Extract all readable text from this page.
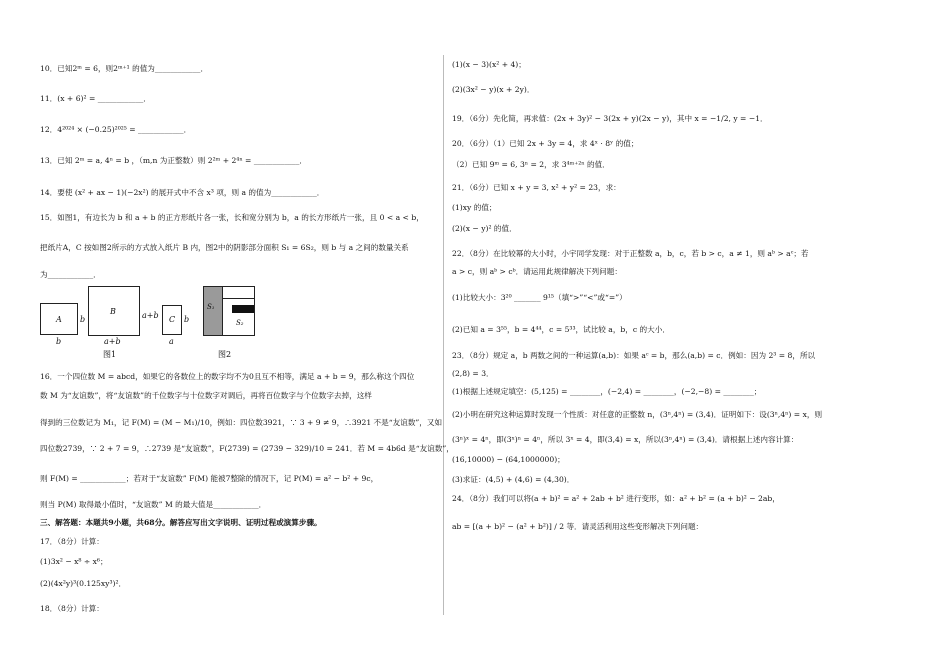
10．已知2ᵐ = 6，则2ᵐ⁺¹ 的值为____________．
11．(x + 6)² = ____________．
12．4²⁰²⁴ × (−0.25)²⁰²⁵ = ____________．
13．已知 2ᵐ = a, 4ⁿ = b ，（m,n 为正整数）则 2²ᵐ + 2⁴ⁿ = ____________．
14．要使 (x² + ax − 1)(−2x²) 的展开式中不含 x³ 项，则 a 的值为____________．
15．如图1，有边长为 b 和 a + b 的正方形纸片各一张，长和宽分别为 b，a 的长方形纸片一张，且 0 < a < b，
把纸片A，C 按如图2所示的方式放入纸片 B 内，图2中的阴影部分面积 S₁ = 6S₂，则 b 与 a 之间的数量关系
为____________．
A
b
b
B	a+b
a+b
C b
a
S₁
S₂
图1	图2
16．一个四位数 M = abcd，如果它的各数位上的数字均不为0且互不相等，满足 a + b = 9，那么称这个四位
数 M 为“友谊数”，将“友谊数”的千位数字与十位数字对调后，再将百位数字与个位数字去掉，这样
得到的三位数记为 M₁，记 F(M) = (M − M₁)/10，例如：四位数3921，∵ 3 + 9 ≠ 9，∴3921 不是“友谊数”，又如
四位数2739，∵ 2 + 7 = 9，∴2739 是“友谊数”，F(2739) = (2739 − 329)/10 = 241．若 M = 4b6d 是“友谊数”，
则 F(M) = ____________；若对于“友谊数” F(M) 能被7整除的情况下，记 P(M) = a² − b² + 9c，
则当 P(M) 取得最小值时，“友谊数” M 的最大值是____________．
三、解答题：本题共9小题，共68分。解答应写出文字说明、证明过程或演算步骤。
17．（8分）计算：
(1)3x² − x⁸ ÷ x⁶；
(2)(4x²y)³(0.125xy³)²．
18．（8分）计算：
(1)(x − 3)(x² + 4)；
(2)(3x² − y)(x + 2y)．
19．（6分）先化简，再求值：(2x + 3y)² − 3(2x + y)(2x − y)，其中 x = −1/2, y = −1．
20．（6分）（1）已知 2x + 3y = 4，求 4ˣ · 8ʸ 的值；
（2）已知 9ᵐ = 6, 3ⁿ = 2，求 3⁴ᵐ⁺²ⁿ 的值．
21．（6分）已知 x + y = 3, x² + y² = 23，求：
(1)xy 的值；
(2)(x − y)² 的值．
22．（8分）在比较幂的大小时，小宇同学发现：对于正整数 a，b，c，若 b > c，a ≠ 1，则 aᵇ > aᶜ；若
a > c，则 aᵇ > cᵇ．请运用此规律解决下列问题：
(1)比较大小：3²⁰ _______ 9¹⁵（填“>”“<”或“=”）
(2)已知 a = 3⁵⁵，b = 4⁴⁴，c = 5³³，试比较 a，b，c 的大小．
23．（8分）规定 a，b 两数之间的一种运算(a,b)：如果 aᶜ = b，那么(a,b) = c．例如：因为 2³ = 8，所以
(2,8) = 3．
(1)根据上述规定填空：(5,125) = ________，(−2,4) = ________，(−2,−8) = ________；
(2)小明在研究这种运算时发现一个性质：对任意的正整数 n，(3ⁿ,4ⁿ) = (3,4)．证明如下：设(3ⁿ,4ⁿ) = x，则
(3ⁿ)ˣ = 4ⁿ，即(3ˣ)ⁿ = 4ⁿ，所以 3ˣ = 4，即(3,4) = x，所以(3ⁿ,4ⁿ) = (3,4)．请根据上述内容计算：
(16,10000) − (64,1000000)；
(3)求证：(4,5) + (4,6) = (4,30)．
24．（8分）我们可以将(a + b)² = a² + 2ab + b² 进行变形，如：a² + b² = (a + b)² − 2ab，
ab = [(a + b)² − (a² + b²)] / 2 等．请灵活利用这些变形解决下列问题：
